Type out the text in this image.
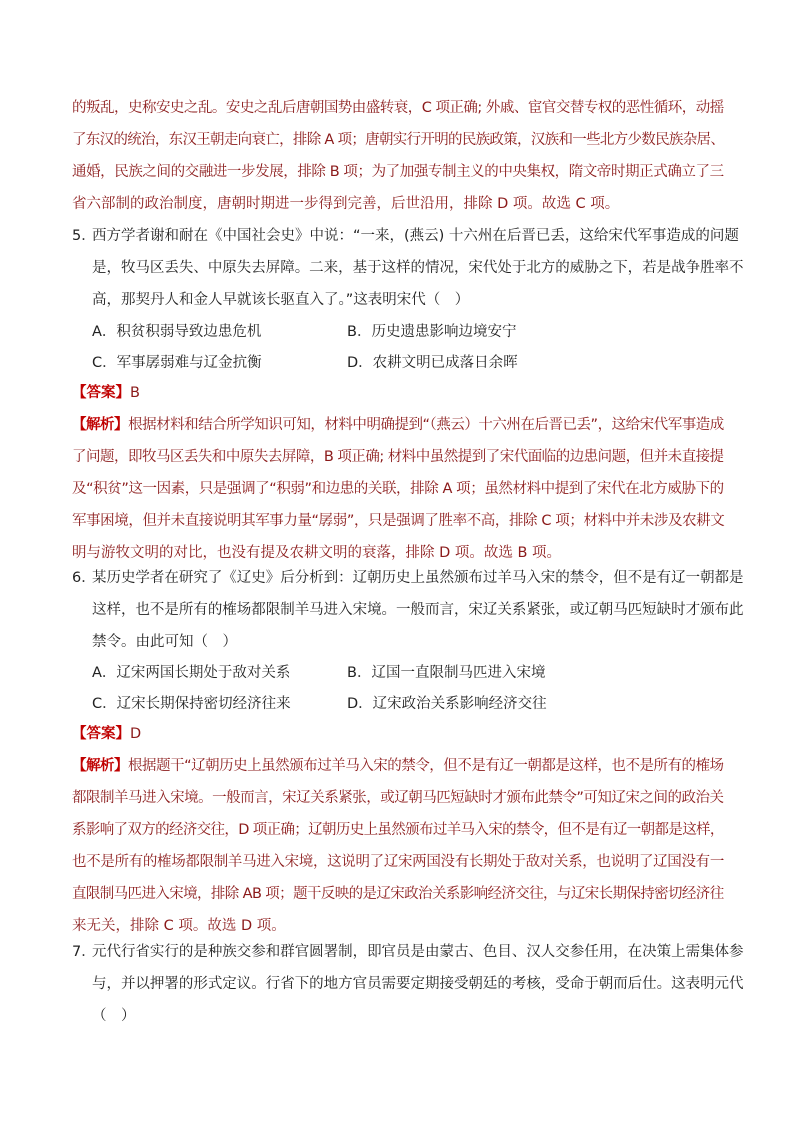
的叛乱，史称安史之乱。安史之乱后唐朝国势由盛转衰，C 项正确; 外戚、宦官交替专权的恶性循环，动摇
了东汉的统治，东汉王朝走向衰亡，排除 A 项；唐朝实行开明的民族政策，汉族和一些北方少数民族杂居、
通婚，民族之间的交融进一步发展，排除 B 项；为了加强专制主义的中央集权，隋文帝时期正式确立了三
省六部制的政治制度，唐朝时期进一步得到完善，后世沿用，排除 D 项。故选 C 项。
5．
西方学者谢和耐在《中国社会史》中说：“一来，(燕云) 十六州在后晋已丢，这给宋代军事造成的问题
是，牧马区丢失、中原失去屏障。二来，基于这样的情况，宋代处于北方的威胁之下，若是战争胜率不
高，那契丹人和金人早就该长驱直入了。”这表明宋代（　）
A．积贫积弱导致边患危机	B．历史遗患影响边境安宁
C．军事孱弱难与辽金抗衡	D．农耕文明已成落日余晖
【答案】B
【解析】根据材料和结合所学知识可知，材料中明确提到“（燕云）十六州在后晋已丢”，这给宋代军事造成
了问题，即牧马区丢失和中原失去屏障，B 项正确; 材料中虽然提到了宋代面临的边患问题，但并未直接提
及“积贫”这一因素，只是强调了“积弱”和边患的关联，排除 A 项；虽然材料中提到了宋代在北方威胁下的
军事困境，但并未直接说明其军事力量“孱弱”，只是强调了胜率不高，排除 C 项；材料中并未涉及农耕文
明与游牧文明的对比，也没有提及农耕文明的衰落，排除 D 项。故选 B 项。
6．
某历史学者在研究了《辽史》后分析到：辽朝历史上虽然颁布过羊马入宋的禁令，但不是有辽一朝都是
这样，也不是所有的榷场都限制羊马进入宋境。一般而言，宋辽关系紧张，或辽朝马匹短缺时才颁布此
禁令。由此可知（　）
A．辽宋两国长期处于敌对关系	B．辽国一直限制马匹进入宋境
C．辽宋长期保持密切经济往来	D．辽宋政治关系影响经济交往
【答案】D
【解析】根据题干“辽朝历史上虽然颁布过羊马入宋的禁令，但不是有辽一朝都是这样，也不是所有的榷场
都限制羊马进入宋境。一般而言，宋辽关系紧张，或辽朝马匹短缺时才颁布此禁令”可知辽宋之间的政治关
系影响了双方的经济交往，D 项正确；辽朝历史上虽然颁布过羊马入宋的禁令，但不是有辽一朝都是这样，
也不是所有的榷场都限制羊马进入宋境，这说明了辽宋两国没有长期处于敌对关系，也说明了辽国没有一
直限制马匹进入宋境，排除 AB 项；题干反映的是辽宋政治关系影响经济交往，与辽宋长期保持密切经济往
来无关，排除 C 项。故选 D 项。
7．
元代行省实行的是种族交参和群官圆署制，即官员是由蒙古、色目、汉人交参任用，在决策上需集体参
与，并以押署的形式定议。行省下的地方官员需要定期接受朝廷的考核，受命于朝而后仕。这表明元代
（　）
